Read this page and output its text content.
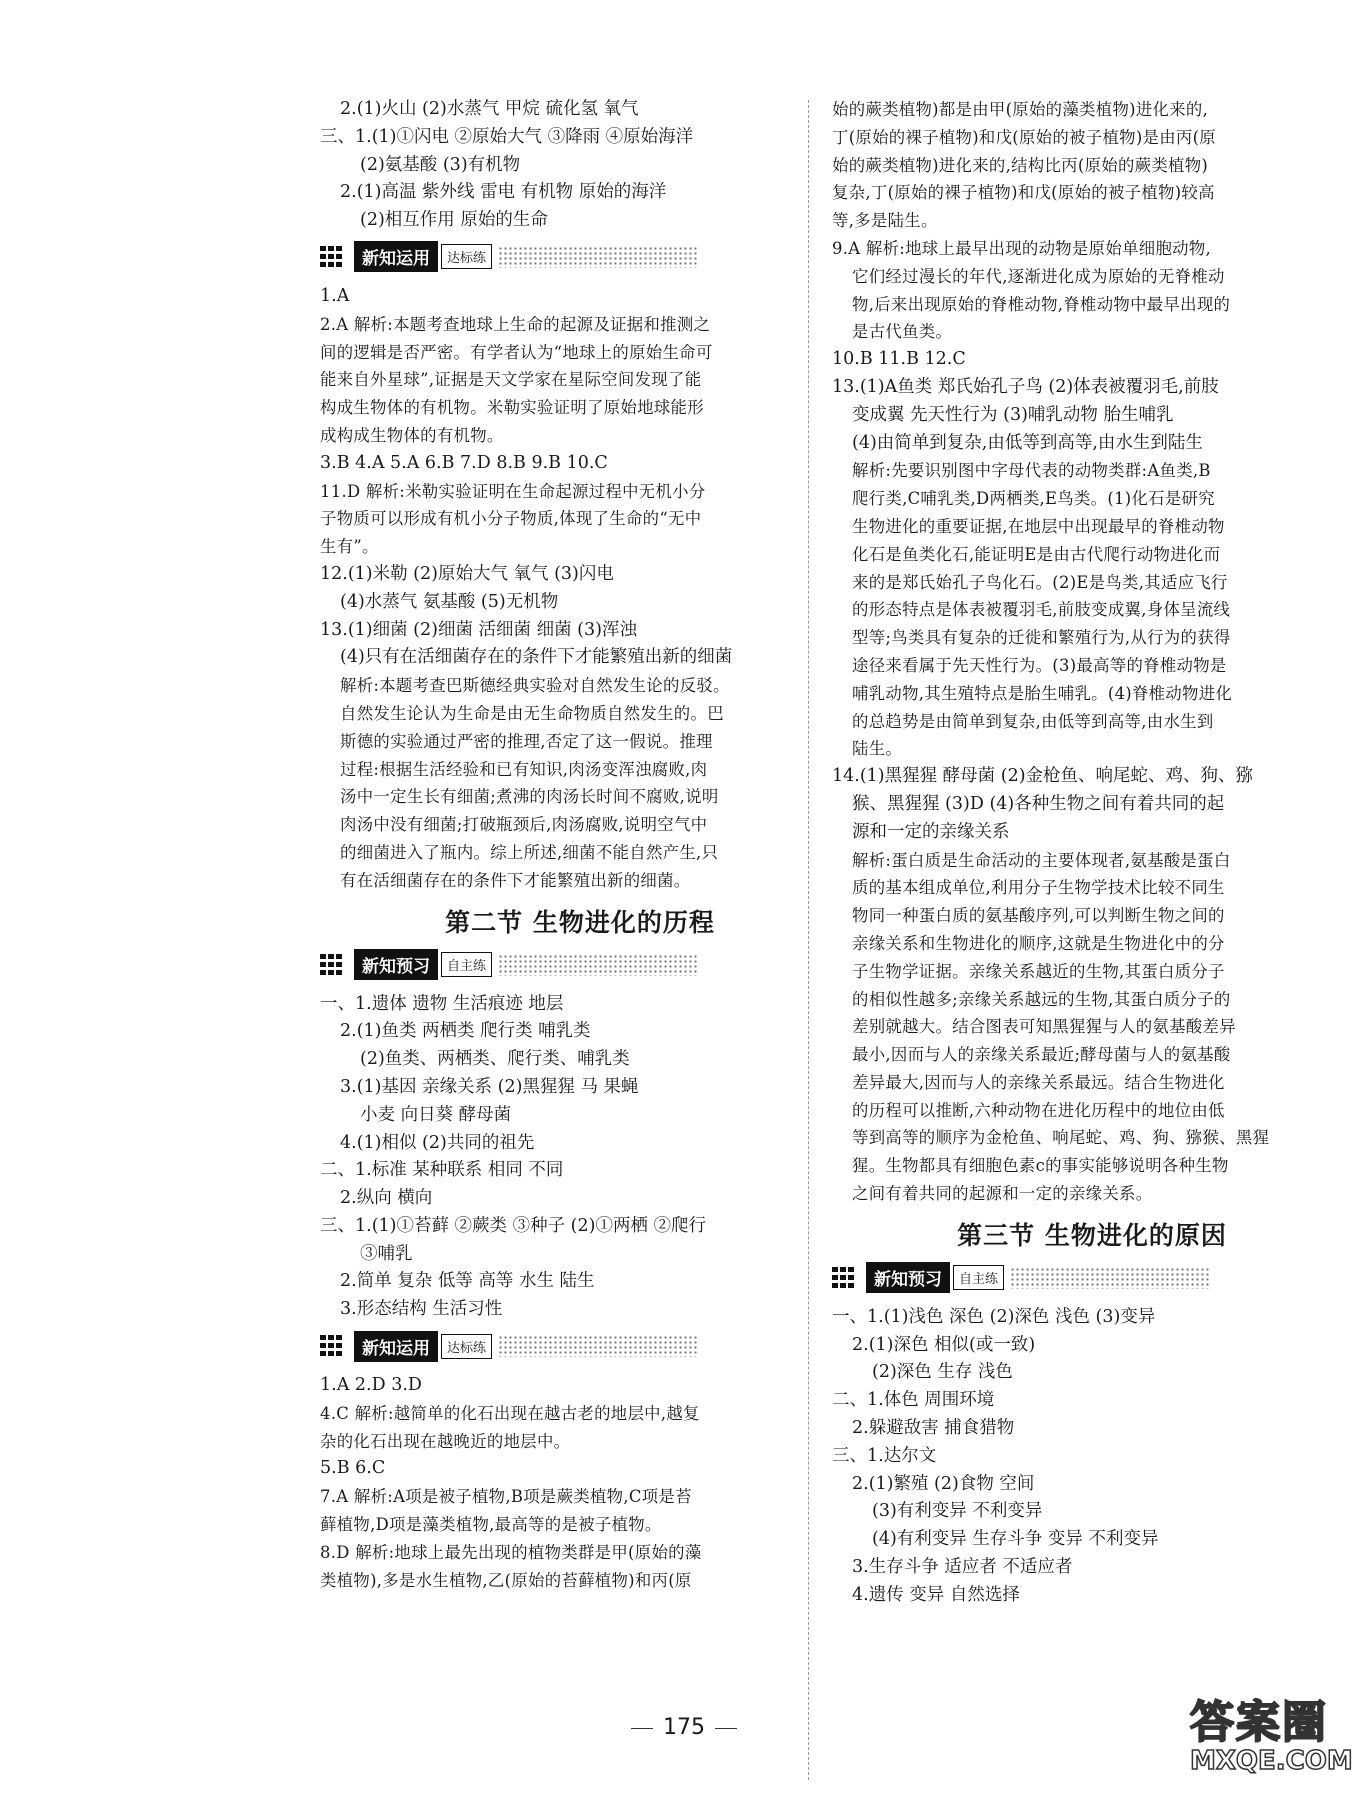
2.(1)火山 (2)水蒸气 甲烷 硫化氢 氧气
三、1.(1)①闪电 ②原始大气 ③降雨 ④原始海洋
(2)氨基酸 (3)有机物
2.(1)高温 紫外线 雷电 有机物 原始的海洋
(2)相互作用 原始的生命
新知运用	达标练
1.A
2.A 解析:本题考查地球上生命的起源及证据和推测之
间的逻辑是否严密。有学者认为“地球上的原始生命可
能来自外星球”,证据是天文学家在星际空间发现了能
构成生物体的有机物。米勒实验证明了原始地球能形
成构成生物体的有机物。
3.B 4.A 5.A 6.B 7.D 8.B 9.B 10.C
11.D 解析:米勒实验证明在生命起源过程中无机小分
子物质可以形成有机小分子物质,体现了生命的“无中
生有”。
12.(1)米勒 (2)原始大气 氧气 (3)闪电
(4)水蒸气 氨基酸 (5)无机物
13.(1)细菌 (2)细菌 活细菌 细菌 (3)浑浊
(4)只有在活细菌存在的条件下才能繁殖出新的细菌
解析:本题考查巴斯德经典实验对自然发生论的反驳。
自然发生论认为生命是由无生命物质自然发生的。巴
斯德的实验通过严密的推理,否定了这一假说。推理
过程:根据生活经验和已有知识,肉汤变浑浊腐败,肉
汤中一定生长有细菌;煮沸的肉汤长时间不腐败,说明
肉汤中没有细菌;打破瓶颈后,肉汤腐败,说明空气中
的细菌进入了瓶内。综上所述,细菌不能自然产生,只
有在活细菌存在的条件下才能繁殖出新的细菌。
第二节 生物进化的历程
新知预习	自主练
一、1.遗体 遗物 生活痕迹 地层
2.(1)鱼类 两栖类 爬行类 哺乳类
(2)鱼类、两栖类、爬行类、哺乳类
3.(1)基因 亲缘关系 (2)黑猩猩 马 果蝇
小麦 向日葵 酵母菌
4.(1)相似 (2)共同的祖先
二、1.标准 某种联系 相同 不同
2.纵向 横向
三、1.(1)①苔藓 ②蕨类 ③种子 (2)①两栖 ②爬行
③哺乳
2.简单 复杂 低等 高等 水生 陆生
3.形态结构 生活习性
新知运用	达标练
1.A 2.D 3.D
4.C 解析:越简单的化石出现在越古老的地层中,越复
杂的化石出现在越晚近的地层中。
5.B 6.C
7.A 解析:A项是被子植物,B项是蕨类植物,C项是苔
藓植物,D项是藻类植物,最高等的是被子植物。
8.D 解析:地球上最先出现的植物类群是甲(原始的藻
类植物),多是水生植物,乙(原始的苔藓植物)和丙(原
始的蕨类植物)都是由甲(原始的藻类植物)进化来的,
丁(原始的裸子植物)和戊(原始的被子植物)是由丙(原
始的蕨类植物)进化来的,结构比丙(原始的蕨类植物)
复杂,丁(原始的裸子植物)和戊(原始的被子植物)较高
等,多是陆生。
9.A 解析:地球上最早出现的动物是原始单细胞动物,
它们经过漫长的年代,逐渐进化成为原始的无脊椎动
物,后来出现原始的脊椎动物,脊椎动物中最早出现的
是古代鱼类。
10.B 11.B 12.C
13.(1)A鱼类 郑氏始孔子鸟 (2)体表被覆羽毛,前肢
变成翼 先天性行为 (3)哺乳动物 胎生哺乳
(4)由简单到复杂,由低等到高等,由水生到陆生
解析:先要识别图中字母代表的动物类群:A鱼类,B
爬行类,C哺乳类,D两栖类,E鸟类。(1)化石是研究
生物进化的重要证据,在地层中出现最早的脊椎动物
化石是鱼类化石,能证明E是由古代爬行动物进化而
来的是郑氏始孔子鸟化石。(2)E是鸟类,其适应飞行
的形态特点是体表被覆羽毛,前肢变成翼,身体呈流线
型等;鸟类具有复杂的迁徙和繁殖行为,从行为的获得
途径来看属于先天性行为。(3)最高等的脊椎动物是
哺乳动物,其生殖特点是胎生哺乳。(4)脊椎动物进化
的总趋势是由简单到复杂,由低等到高等,由水生到
陆生。
14.(1)黑猩猩 酵母菌 (2)金枪鱼、响尾蛇、鸡、狗、猕
猴、黑猩猩 (3)D (4)各种生物之间有着共同的起
源和一定的亲缘关系
解析:蛋白质是生命活动的主要体现者,氨基酸是蛋白
质的基本组成单位,利用分子生物学技术比较不同生
物同一种蛋白质的氨基酸序列,可以判断生物之间的
亲缘关系和生物进化的顺序,这就是生物进化中的分
子生物学证据。亲缘关系越近的生物,其蛋白质分子
的相似性越多;亲缘关系越远的生物,其蛋白质分子的
差别就越大。结合图表可知黑猩猩与人的氨基酸差异
最小,因而与人的亲缘关系最近;酵母菌与人的氨基酸
差异最大,因而与人的亲缘关系最远。结合生物进化
的历程可以推断,六种动物在进化历程中的地位由低
等到高等的顺序为金枪鱼、响尾蛇、鸡、狗、猕猴、黑猩
猩。生物都具有细胞色素c的事实能够说明各种生物
之间有着共同的起源和一定的亲缘关系。
第三节 生物进化的原因
新知预习	自主练
一、1.(1)浅色 深色 (2)深色 浅色 (3)变异
2.(1)深色 相似(或一致)
(2)深色 生存 浅色
二、1.体色 周围环境
2.躲避敌害 捕食猎物
三、1.达尔文
2.(1)繁殖 (2)食物 空间
(3)有利变异 不利变异
(4)有利变异 生存斗争 变异 不利变异
3.生存斗争 适应者 不适应者
4.遗传 变异 自然选择
175	答案圈
MXQE.COM
